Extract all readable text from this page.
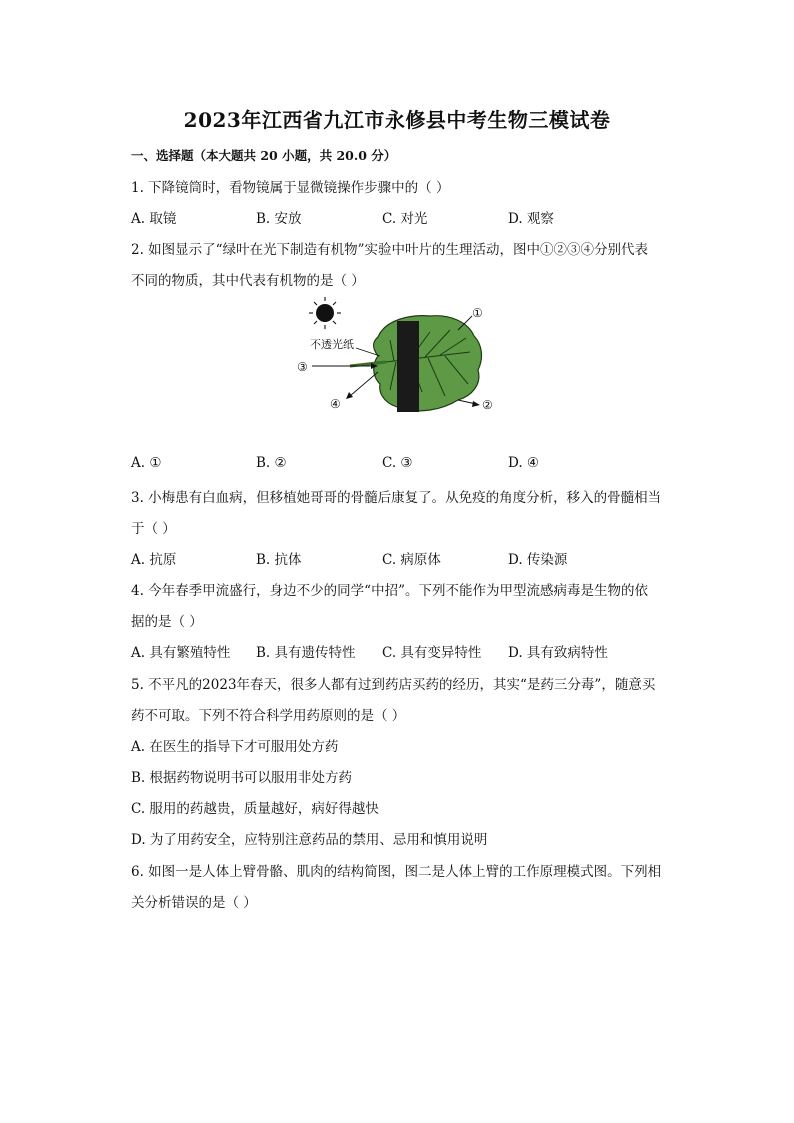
2023年江西省九江市永修县中考生物三模试卷
一、选择题（本大题共 20 小题，共 20.0 分）
1. 下降镜筒时，看物镜属于显微镜操作步骤中的（ ）
A. 取镜	B. 安放	C. 对光	D. 观察
2. 如图显示了“绿叶在光下制造有机物”实验中叶片的生理活动，图中①②③④分别代表
不同的物质，其中代表有机物的是（ ）
不透光纸
①
③
④	②
A. ①	B. ②	C. ③	D. ④
3. 小梅患有白血病，但移植她哥哥的骨髓后康复了。从免疫的角度分析，移入的骨髓相当
于（ ）
A. 抗原	B. 抗体	C. 病原体	D. 传染源
4. 今年春季甲流盛行，身边不少的同学“中招”。下列不能作为甲型流感病毒是生物的依
据的是（ ）
A. 具有繁殖特性 B. 具有遗传特性 C. 具有变异特性 D. 具有致病特性
5. 不平凡的2023年春天，很多人都有过到药店买药的经历，其实“是药三分毒”，随意买
药不可取。下列不符合科学用药原则的是（ ）
A. 在医生的指导下才可服用处方药
B. 根据药物说明书可以服用非处方药
C. 服用的药越贵，质量越好，病好得越快
D. 为了用药安全，应特别注意药品的禁用、忌用和慎用说明
6. 如图一是人体上臂骨骼、肌肉的结构简图，图二是人体上臂的工作原理模式图。下列相
关分析错误的是（ ）
